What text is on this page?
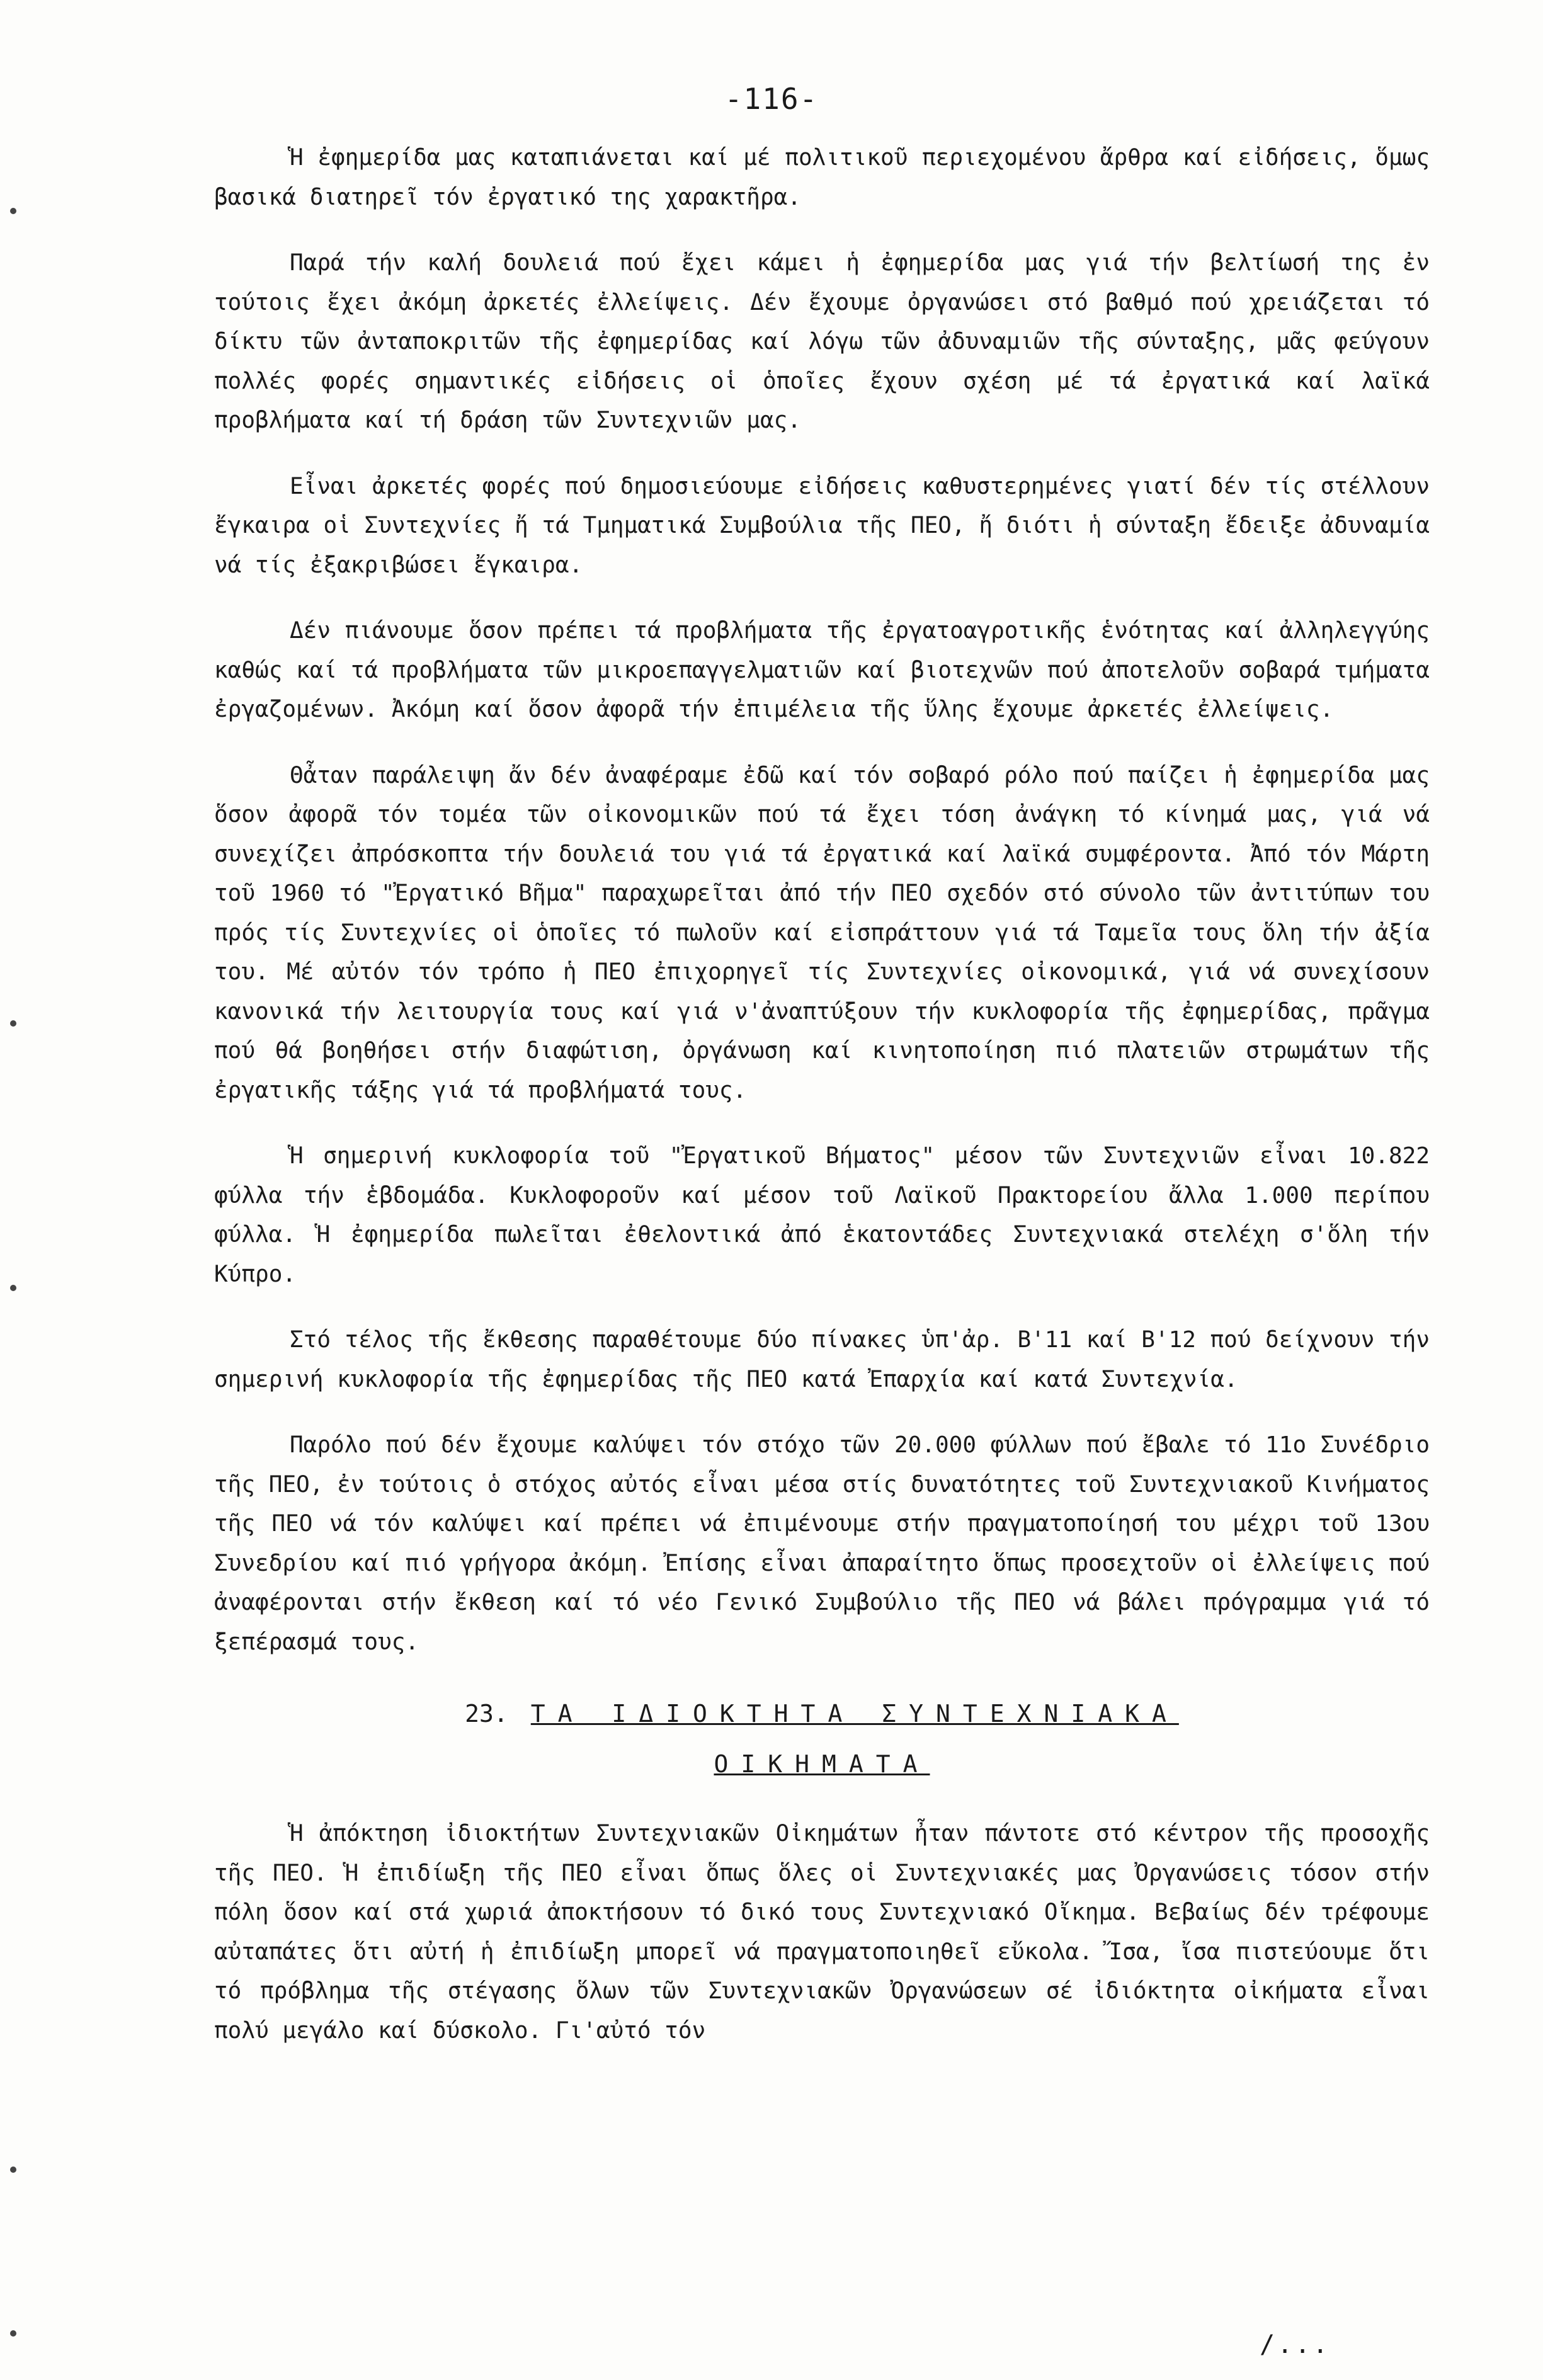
-116-

Ἡ ἐφημερίδα μας καταπιάνεται καί μέ πολιτικοῦ περιεχομένου ἄρθρα καί εἰδήσεις, ὅμως βασικά διατηρεῖ τόν ἐργατικό της χαρακτῆρα.

Παρά τήν καλή δουλειά πού ἔχει κάμει ἡ ἐφημερίδα μας γιά τήν βελτίωσή της ἐν τούτοις ἔχει ἀκόμη ἀρκετές ἐλλείψεις. Δέν ἔχουμε ὀργανώσει στό βαθμό πού χρειάζεται τό δίκτυ τῶν ἀνταποκριτῶν τῆς ἐφημερίδας καί λόγω τῶν ἀδυναμιῶν τῆς σύνταξης, μᾶς φεύγουν πολλές φορές σημαντικές εἰδήσεις οἱ ὁποῖες ἔχουν σχέση μέ τά ἐργατικά καί λαϊκά προβλήματα καί τή δράση τῶν Συντεχνιῶν μας.

Εἶναι ἀρκετές φορές πού δημοσιεύουμε εἰδήσεις καθυστερημένες γιατί δέν τίς στέλλουν ἔγκαιρα οἱ Συντεχνίες ἤ τά Τμηματικά Συμβούλια τῆς ΠΕΟ, ἤ διότι ἡ σύνταξη ἔδειξε ἀδυναμία νά τίς ἐξακριβώσει ἔγκαιρα.

Δέν πιάνουμε ὅσον πρέπει τά προβλήματα τῆς ἐργατοαγροτικῆς ἑνότητας καί ἀλληλεγγύης καθώς καί τά προβλήματα τῶν μικροεπαγγελματιῶν καί βιοτεχνῶν πού ἀποτελοῦν σοβαρά τμήματα ἐργαζομένων. Ἀκόμη καί ὅσον ἀφορᾶ τήν ἐπιμέλεια τῆς ὕλης ἔχουμε ἀρκετές ἐλλείψεις.

Θἆταν παράλειψη ἄν δέν ἀναφέραμε ἐδῶ καί τόν σοβαρό ρόλο πού παίζει ἡ ἐφημερίδα μας ὅσον ἀφορᾶ τόν τομέα τῶν οἰκονομικῶν πού τά ἔχει τόση ἀνάγκη τό κίνημά μας, γιά νά συνεχίζει ἀπρόσκοπτα τήν δουλειά του γιά τά ἐργατικά καί λαϊκά συμφέροντα. Ἀπό τόν Μάρτη τοῦ 1960 τό "Ἐργατικό Βῆμα" παραχωρεῖται ἀπό τήν ΠΕΟ σχεδόν στό σύνολο τῶν ἀντιτύπων του πρός τίς Συντεχνίες οἱ ὁποῖες τό πωλοῦν καί εἰσπράττουν γιά τά Ταμεῖα τους ὅλη τήν ἀξία του. Μέ αὐτόν τόν τρόπο ἡ ΠΕΟ ἐπιχορηγεῖ τίς Συντεχνίες οἰκονομικά, γιά νά συνεχίσουν κανονικά τήν λειτουργία τους καί γιά ν'ἀναπτύξουν τήν κυκλοφορία τῆς ἐφημερίδας, πρᾶγμα πού θά βοηθήσει στήν διαφώτιση, ὀργάνωση καί κινητοποίηση πιό πλατειῶν στρωμάτων τῆς ἐργατικῆς τάξης γιά τά προβλήματά τους.

Ἡ σημερινή κυκλοφορία τοῦ "Ἐργατικοῦ Βήματος" μέσον τῶν Συντεχνιῶν εἶναι 10.822 φύλλα τήν ἑβδομάδα. Κυκλοφοροῦν καί μέσον τοῦ Λαϊκοῦ Πρακτορείου ἄλλα 1.000 περίπου φύλλα. Ἡ ἐφημερίδα πωλεῖται ἐθελοντικά ἀπό ἑκατοντάδες Συντεχνιακά στελέχη σ'ὅλη τήν Κύπρο.

Στό τέλος τῆς ἔκθεσης παραθέτουμε δύο πίνακες ὑπ'ἀρ. Β'11 καί Β'12 πού δείχνουν τήν σημερινή κυκλοφορία τῆς ἐφημερίδας τῆς ΠΕΟ κατά Ἐπαρχία καί κατά Συντεχνία.

Παρόλο πού δέν ἔχουμε καλύψει τόν στόχο τῶν 20.000 φύλλων πού ἔβαλε τό 11ο Συνέδριο τῆς ΠΕΟ, ἐν τούτοις ὁ στόχος αὐτός εἶναι μέσα στίς δυνατότητες τοῦ Συντεχνιακοῦ Κινήματος τῆς ΠΕΟ νά τόν καλύψει καί πρέπει νά ἐπιμένουμε στήν πραγματοποίησή του μέχρι τοῦ 13ου Συνεδρίου καί πιό γρήγορα ἀκόμη. Ἐπίσης εἶναι ἀπαραίτητο ὅπως προσεχτοῦν οἱ ἐλλείψεις πού ἀναφέρονται στήν ἔκθεση καί τό νέο Γενικό Συμβούλιο τῆς ΠΕΟ νά βάλει πρόγραμμα γιά τό ξεπέρασμά τους.

23. ΤΑ ΙΔΙΟΚΤΗΤΑ ΣΥΝΤΕΧΝΙΑΚΑ
ΟΙΚΗΜΑΤΑ

Ἡ ἀπόκτηση ἰδιοκτήτων Συντεχνιακῶν Οἰκημάτων ἦταν πάντοτε στό κέντρον τῆς προσοχῆς τῆς ΠΕΟ. Ἡ ἐπιδίωξη τῆς ΠΕΟ εἶναι ὅπως ὅλες οἱ Συντεχνιακές μας Ὀργανώσεις τόσον στήν πόλη ὅσον καί στά χωριά ἀποκτήσουν τό δικό τους Συντεχνιακό Οἴκημα. Βεβαίως δέν τρέφουμε αὐταπάτες ὅτι αὐτή ἡ ἐπιδίωξη μπορεῖ νά πραγματοποιηθεῖ εὔκολα. Ἴσα, ἴσα πιστεύουμε ὅτι τό πρόβλημα τῆς στέγασης ὅλων τῶν Συντεχνιακῶν Ὀργανώσεων σέ ἰδιόκτητα οἰκήματα εἶναι πολύ μεγάλο καί δύσκολο. Γι'αὐτό τόν

/...
